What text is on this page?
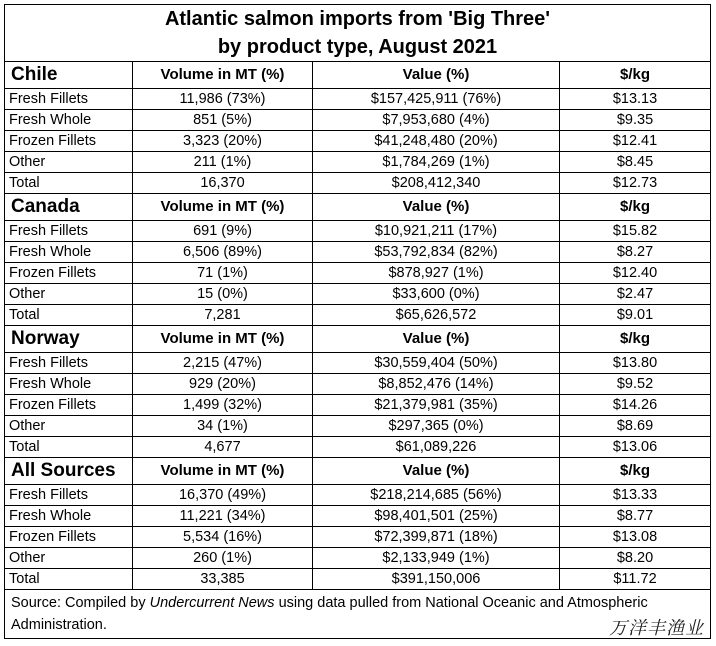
Atlantic salmon imports from 'Big Three'
by product type, August 2021			

Chile	Volume in MT (%)	Value (%)	$/kg
Fresh Fillets	11,986 (73%)	$157,425,911 (76%)	$13.13
Fresh Whole	851 (5%)	$7,953,680 (4%)	$9.35
Frozen Fillets	3,323 (20%)	$41,248,480 (20%)	$12.41
Other	211 (1%)	$1,784,269 (1%)	$8.45
Total	16,370	$208,412,340	$12.73
Canada	Volume in MT (%)	Value (%)	$/kg
Fresh Fillets	691 (9%)	$10,921,211 (17%)	$15.82
Fresh Whole	6,506 (89%)	$53,792,834 (82%)	$8.27
Frozen Fillets	71 (1%)	$878,927 (1%)	$12.40
Other	15 (0%)	$33,600 (0%)	$2.47
Total	7,281	$65,626,572	$9.01
Norway	Volume in MT (%)	Value (%)	$/kg
Fresh Fillets	2,215 (47%)	$30,559,404 (50%)	$13.80
Fresh Whole	929 (20%)	$8,852,476 (14%)	$9.52
Frozen Fillets	1,499 (32%)	$21,379,981 (35%)	$14.26
Other	34 (1%)	$297,365 (0%)	$8.69
Total	4,677	$61,089,226	$13.06
All Sources	Volume in MT (%)	Value (%)	$/kg
Fresh Fillets	16,370 (49%)	$218,214,685 (56%)	$13.33
Fresh Whole	11,221 (34%)	$98,401,501 (25%)	$8.77
Frozen Fillets	5,534 (16%)	$72,399,871 (18%)	$13.08
Other	260 (1%)	$2,133,949 (1%)	$8.20
Total	33,385	$391,150,006	$11.72
Source: Compiled by Undercurrent News using data pulled from National Oceanic and Atmospheric Administration.				万洋丰渔业
